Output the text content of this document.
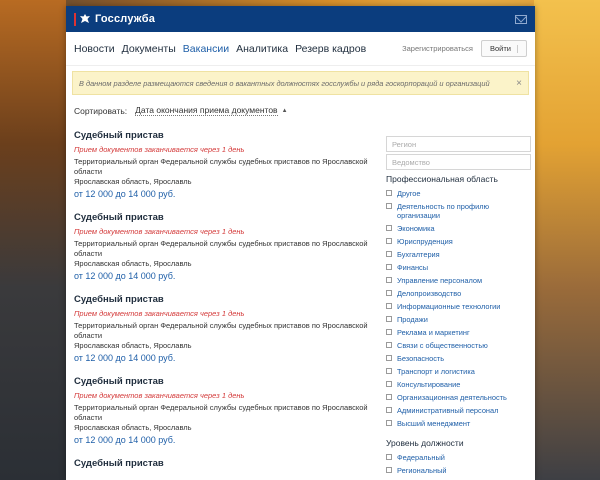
Госслужба
Новости Документы Вакансии Аналитика Резерв кадров	Зарегистрироваться Войти
В данном разделе размещаются сведения о вакантных должностях госслужбы и ряда госкорпораций и организаций	×
Сортировать: Дата окончания приема документов ▲
Судебный пристав
Прием документов заканчивается через 1 день
Территориальный орган Федеральной службы судебных приставов по Ярославской области
Ярославская область, Ярославль
от 12 000 до 14 000 руб.
Судебный пристав
Прием документов заканчивается через 1 день
Территориальный орган Федеральной службы судебных приставов по Ярославской области
Ярославская область, Ярославль
от 12 000 до 14 000 руб.
Судебный пристав
Прием документов заканчивается через 1 день
Территориальный орган Федеральной службы судебных приставов по Ярославской области
Ярославская область, Ярославль
от 12 000 до 14 000 руб.
Судебный пристав
Прием документов заканчивается через 1 день
Территориальный орган Федеральной службы судебных приставов по Ярославской области
Ярославская область, Ярославль
от 12 000 до 14 000 руб.
Судебный пристав
Регион
Ведомство
Профессиональная область
Другое
Деятельность по профилю организации
Экономика
Юриспруденция
Бухгалтерия
Финансы
Управление персоналом
Делопроизводство
Информационные технологии
Продажи
Реклама и маркетинг
Связи с общественностью
Безопасность
Транспорт и логистика
Консультирование
Организационная деятельность
Административный персонал
Высший менеджмент
Уровень должности
Федеральный
Региональный
